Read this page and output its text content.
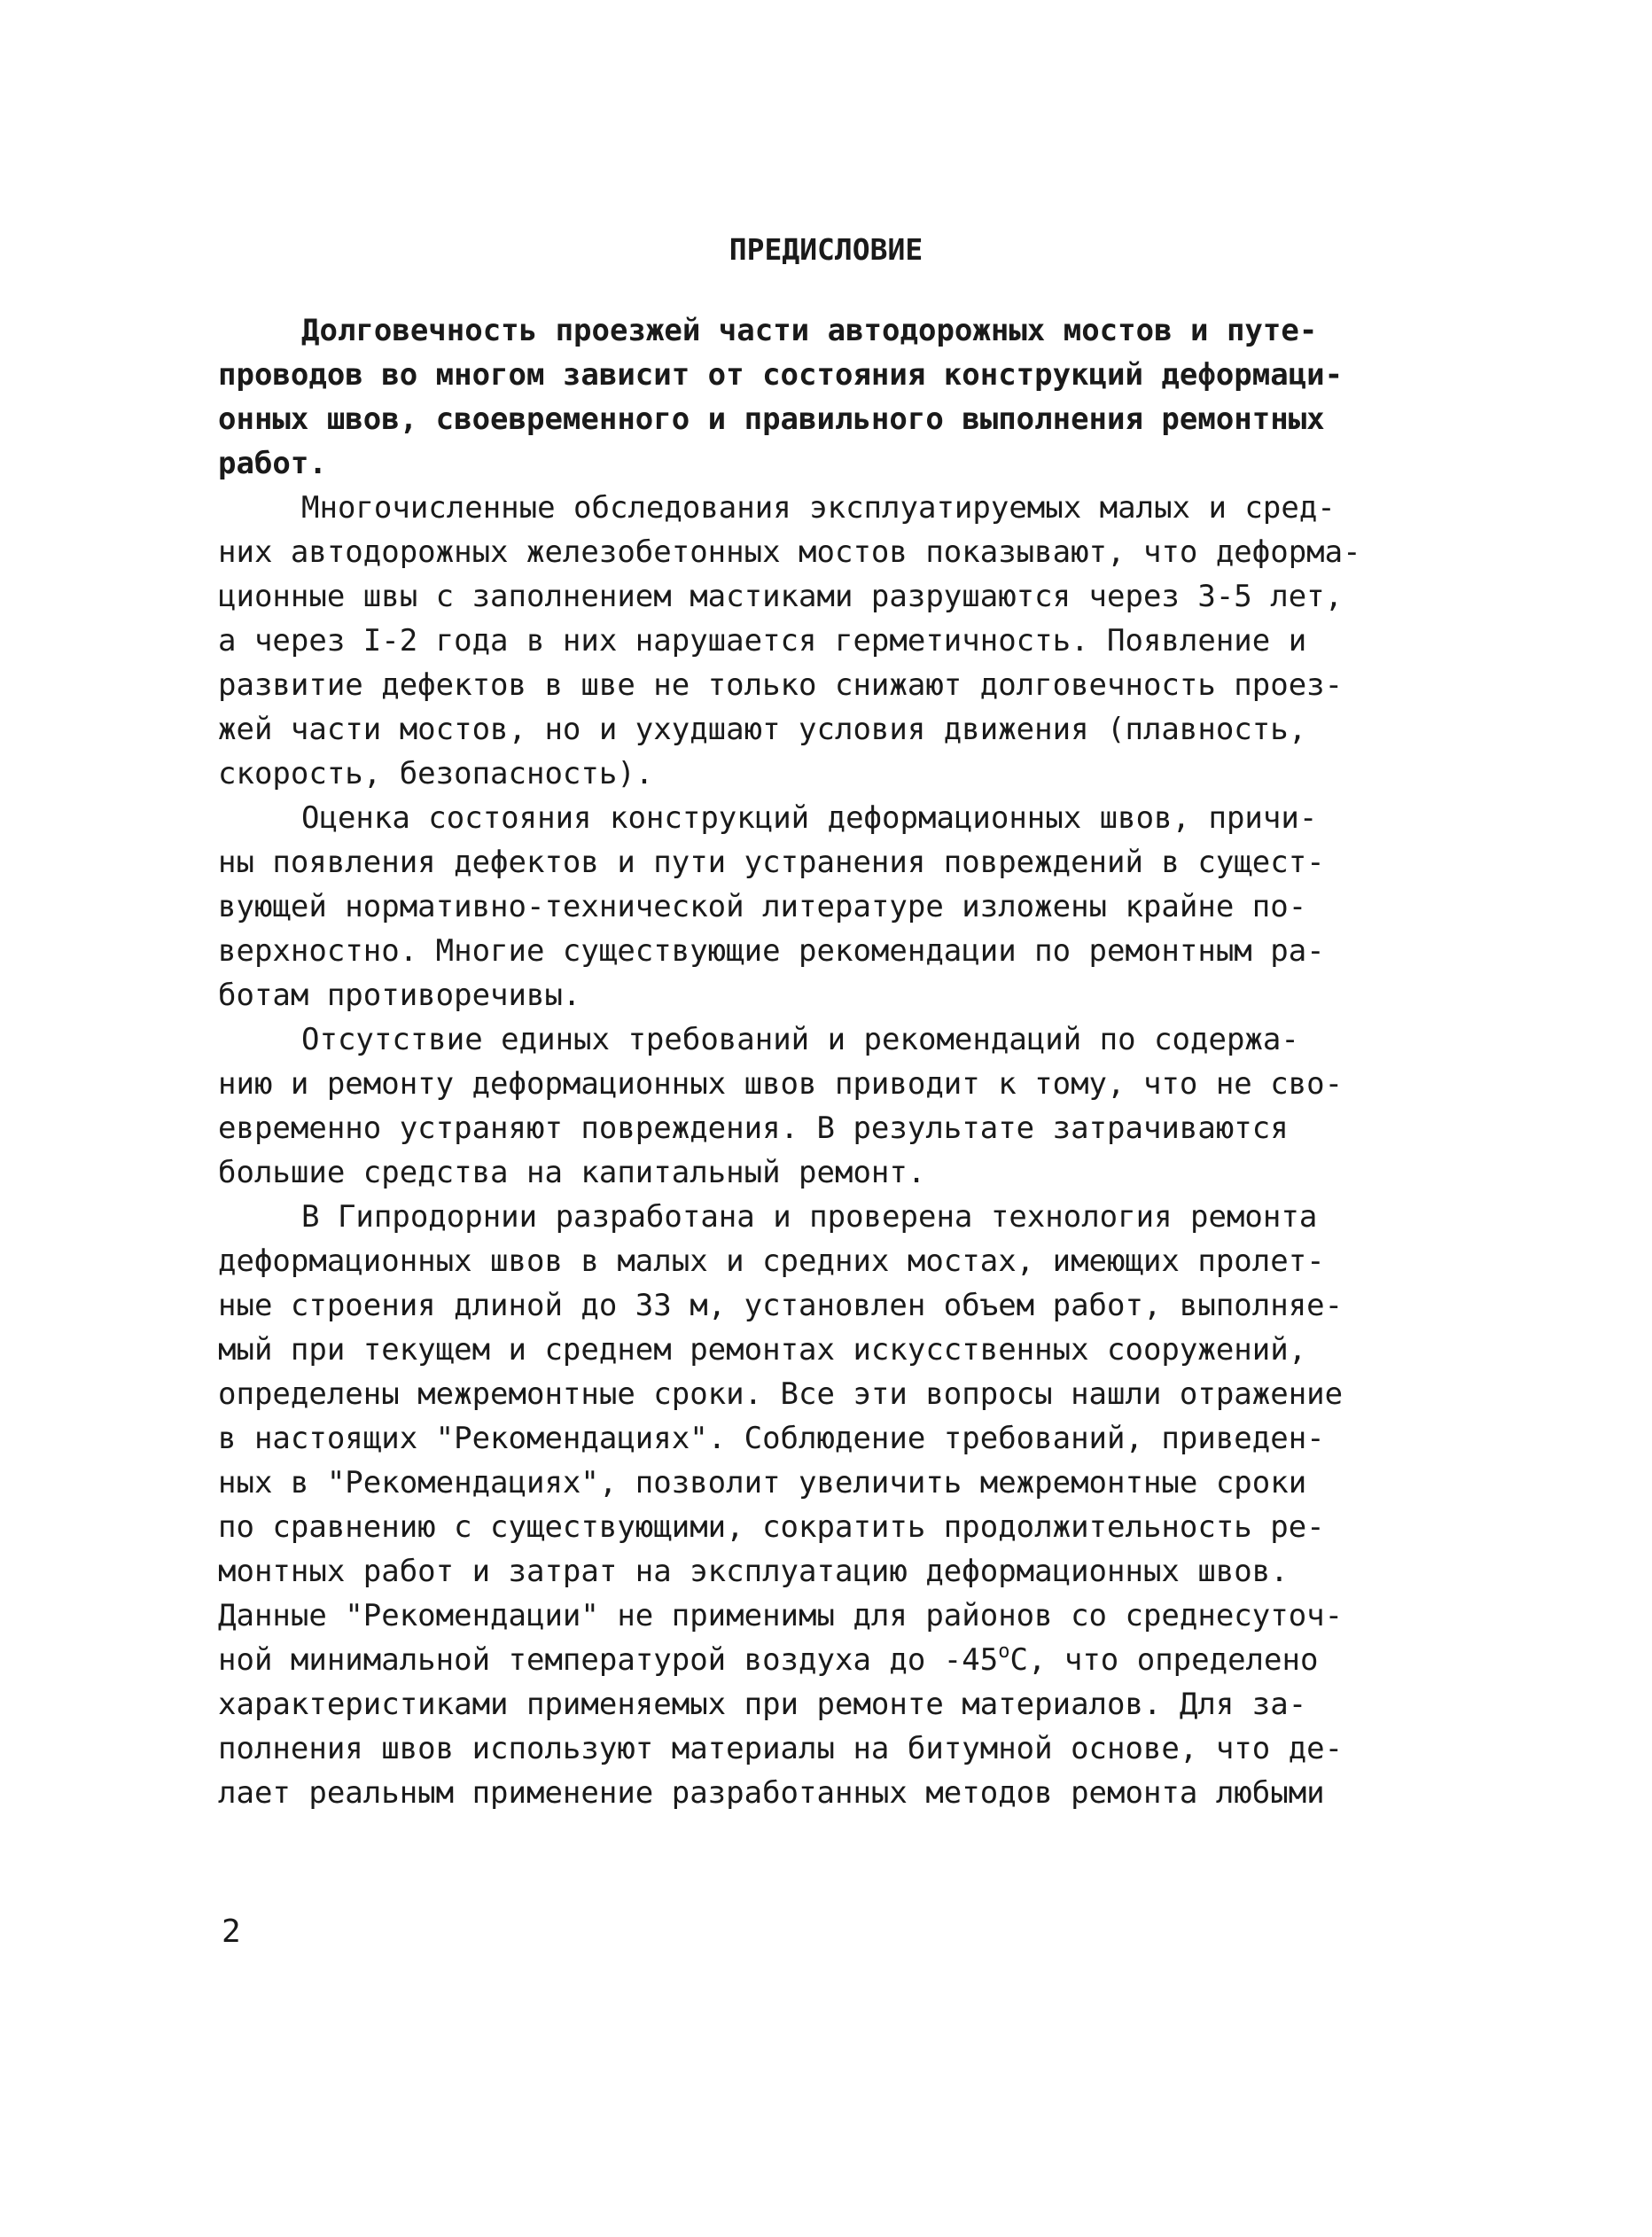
ПРЕДИСЛОВИЕ

Долговечность проезжей части автодорожных мостов и путе-

проводов во многом зависит от состояния конструкций деформаци-

онных швов, своевременного и правильного выполнения ремонтных

работ.

Многочисленные обследования эксплуатируемых малых и сред-

них автодорожных железобетонных мостов показывают, что деформа-

ционные швы с заполнением мастиками разрушаются через 3-5 лет,

а через I-2 года в них нарушается герметичность. Появление и

развитие дефектов в шве не только снижают долговечность проез-

жей части мостов, но и ухудшают условия движения (плавность,

скорость, безопасность).

Оценка состояния конструкций деформационных швов, причи-

ны появления дефектов и пути устранения повреждений в сущест-

вующей нормативно-технической литературе изложены крайне по-

верхностно. Многие существующие рекомендации по ремонтным ра-

ботам противоречивы.

Отсутствие единых требований и рекомендаций по содержа-

нию и ремонту деформационных швов приводит к тому, что не сво-

евременно устраняют повреждения. В результате затрачиваются

большие средства на капитальный ремонт.

В Гипродорнии разработана и проверена технология ремонта

деформационных швов в малых и средних мостах, имеющих пролет-

ные строения длиной до 33 м, установлен объем работ, выполняе-

мый при текущем и среднем ремонтах искусственных сооружений,

определены межремонтные сроки. Все эти вопросы нашли отражение

в настоящих "Рекомендациях". Соблюдение требований, приведен-

ных в "Рекомендациях", позволит увеличить межремонтные сроки

по сравнению с существующими, сократить продолжительность ре-

монтных работ и затрат на эксплуатацию деформационных швов.

Данные "Рекомендации" не применимы для районов со среднесуточ-

ной минимальной температурой воздуха до $-45^оС$, что определено

характеристиками применяемых при ремонте материалов. Для за-

полнения швов используют материалы на битумной основе, что де-

лает реальным применение разработанных методов ремонта любыми

2
